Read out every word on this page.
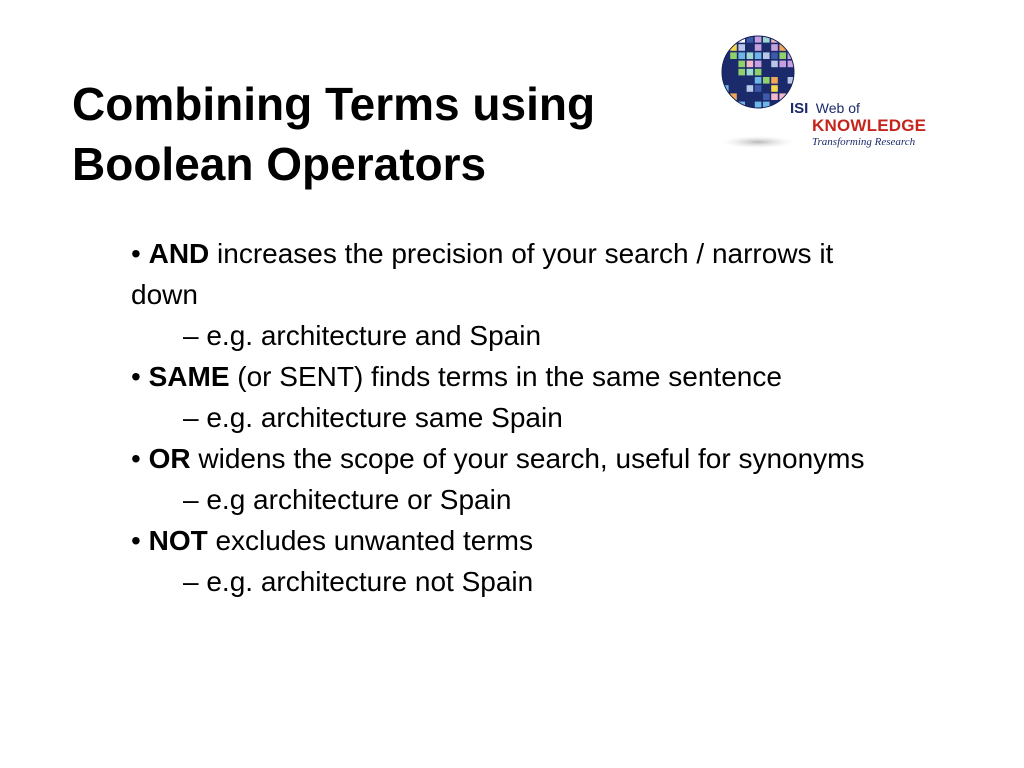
Combining Terms using
Boolean Operators
ISI Web of
KNOWLEDGE
Transforming Research
• AND increases the precision of your search / narrows it down
– e.g. architecture and Spain
• SAME (or SENT) finds terms in the same sentence
– e.g. architecture same Spain
• OR widens the scope of your search, useful for synonyms
– e.g architecture or Spain
• NOT excludes unwanted terms
– e.g. architecture not Spain
